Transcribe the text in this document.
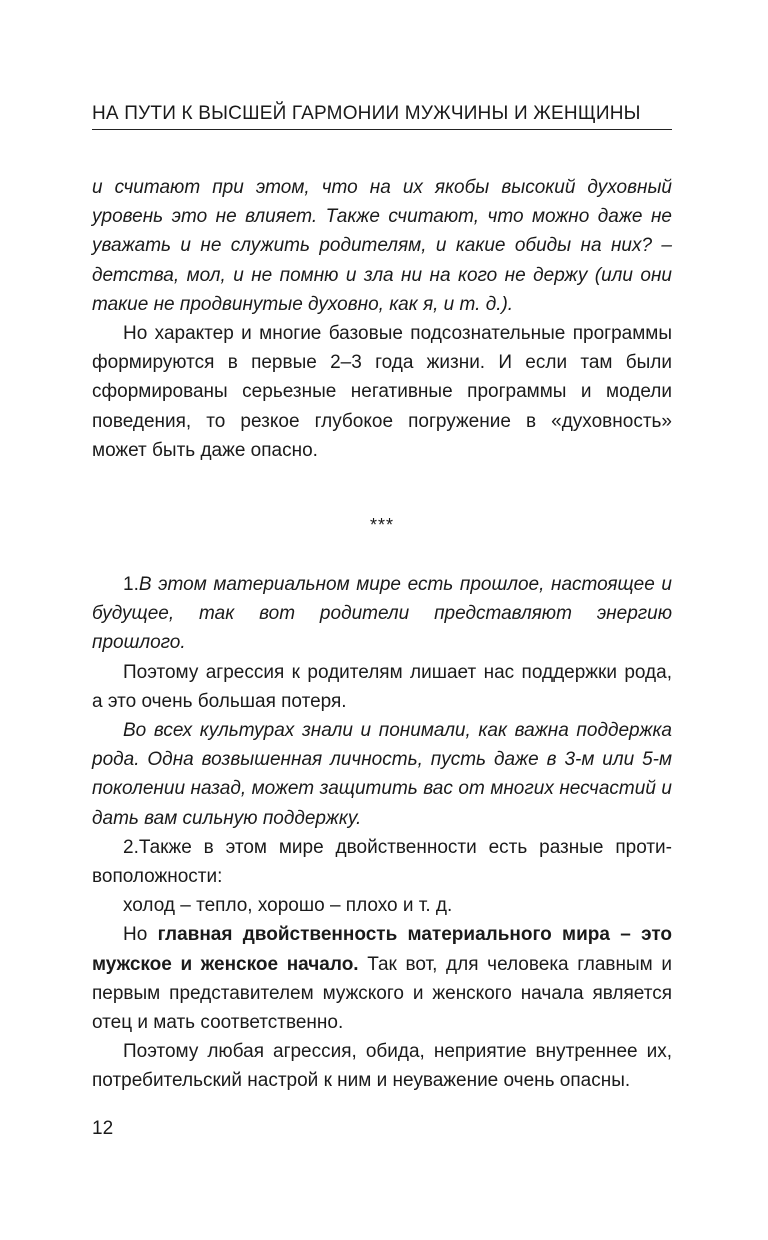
НА ПУТИ К ВЫСШЕЙ ГАРМОНИИ МУЖЧИНЫ И ЖЕНЩИНЫ

и считают при этом, что на их якобы высокий духовный уровень это не влияет. Также считают, что можно даже не уважать и не служить родителям, и какие обиды на них? – детства, мол, и не помню и зла ни на кого не держу (или они такие не продвинутые духовно, как я, и т. д.).

Но характер и многие базовые подсознательные программы формируются в первые 2–3 года жизни. И если там были сформированы серьезные негативные программы и модели поведения, то резкое глубокое погружение в «духовность» может быть даже опасно.

***

1.В этом материальном мире есть прошлое, настоящее и будущее, так вот родители представляют энергию прошлого.

Поэтому агрессия к родителям лишает нас поддержки рода, а это очень большая потеря.

Во всех культурах знали и понимали, как важна поддержка рода. Одна возвышенная личность, пусть даже в 3-м или 5-м поколении назад, может защитить вас от многих несчастий и дать вам сильную поддержку.

2.Также в этом мире двойственности есть разные противоположности:

холод – тепло, хорошо – плохо и т. д.

Но главная двойственность материального мира – это мужское и женское начало. Так вот, для человека главным и первым представителем мужского и женского начала является отец и мать соответственно.

Поэтому любая агрессия, обида, неприятие внутреннее их, потребительский настрой к ним и неуважение очень опасны.

12
